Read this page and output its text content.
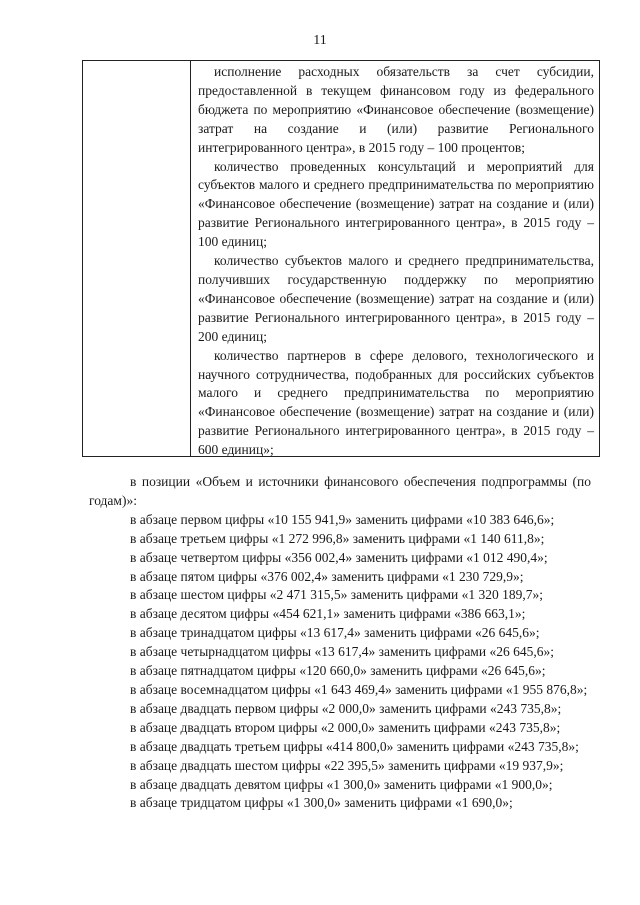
11

исполнение расходных обязательств за счет субсидии, предоставленной в текущем финансовом году из федерального бюджета по мероприятию «Финансовое обеспечение (возмещение) затрат на создание и (или) развитие Регионального интегрированного центра», в 2015 году – 100 процентов;

количество проведенных консультаций и мероприятий для субъектов малого и среднего предпринимательства по мероприятию «Финансовое обеспечение (возмещение) затрат на создание и (или) развитие Регионального интегрированного центра», в 2015 году – 100 единиц;

количество субъектов малого и среднего предпринимательства, получивших государственную поддержку по мероприятию «Финансовое обеспечение (возмещение) затрат на создание и (или) развитие Регионального интегрированного центра», в 2015 году – 200 единиц;

количество партнеров в сфере делового, технологического и научного сотрудничества, подобранных для российских субъектов малого и среднего предпринимательства по мероприятию «Финансовое обеспечение (возмещение) затрат на создание и (или) развитие Регионального интегрированного центра», в 2015 году – 600 единиц»;

в позиции «Объем и источники финансового обеспечения подпрограммы (по годам)»:

в абзаце первом цифры «10 155 941,9» заменить цифрами «10 383 646,6»;

в абзаце третьем цифры «1 272 996,8» заменить цифрами «1 140 611,8»;

в абзаце четвертом цифры «356 002,4» заменить цифрами «1 012 490,4»;

в абзаце пятом цифры «376 002,4» заменить цифрами «1 230 729,9»;

в абзаце шестом цифры «2 471 315,5» заменить цифрами «1 320 189,7»;

в абзаце десятом цифры «454 621,1» заменить цифрами «386 663,1»;

в абзаце тринадцатом цифры «13 617,4» заменить цифрами «26 645,6»;

в абзаце четырнадцатом цифры «13 617,4» заменить цифрами «26 645,6»;

в абзаце пятнадцатом цифры «120 660,0» заменить цифрами «26 645,6»;

в абзаце восемнадцатом цифры «1 643 469,4» заменить цифрами «1 955 876,8»;

в абзаце двадцать первом цифры «2 000,0» заменить цифрами «243 735,8»;

в абзаце двадцать втором цифры «2 000,0» заменить цифрами «243 735,8»;

в абзаце двадцать третьем цифры «414 800,0» заменить цифрами «243 735,8»;

в абзаце двадцать шестом цифры «22 395,5» заменить цифрами «19 937,9»;

в абзаце двадцать девятом цифры «1 300,0» заменить цифрами «1 900,0»;

в абзаце тридцатом цифры «1 300,0» заменить цифрами «1 690,0»;
